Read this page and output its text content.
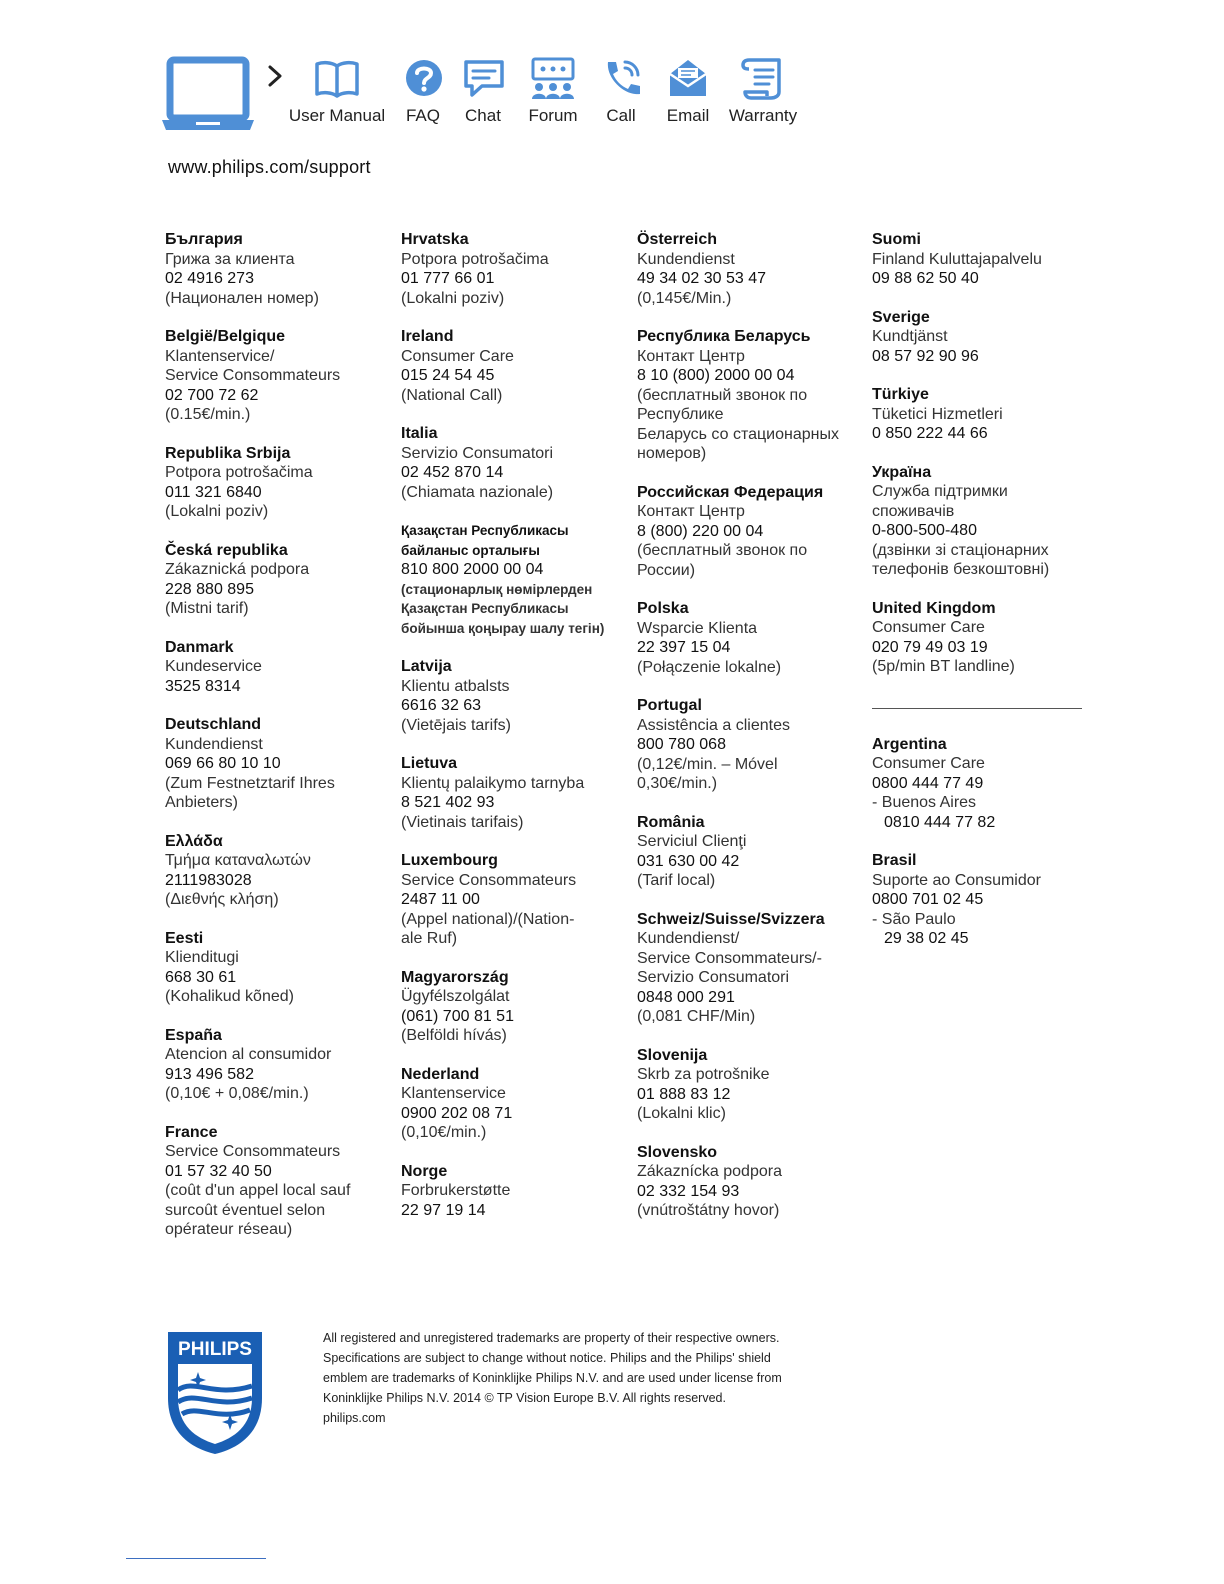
User Manual	FAQ	Chat Forum	Call	Email Warranty
www.philips.com/support
България
Грижа за клиента
02 4916 273
(Национален номер)
België/Belgique
Klantenservice/
Service Consommateurs
02 700 72 62
(0.15€/min.)
Republika Srbija
Potpora potrošačima
011 321 6840
(Lokalni poziv)
Česká republika
Zákaznická podpora
228 880 895
(Mistni tarif)
Danmark
Kundeservice
3525 8314
Deutschland
Kundendienst
069 66 80 10 10
(Zum Festnetztarif Ihres
Anbieters)
Ελλάδα
Τμήμα καταναλωτών
2111983028
(Διεθνής κλήση)
Eesti
Klienditugi
668 30 61
(Kohalikud kõned)
España
Atencion al consumidor
913 496 582
(0,10€ + 0,08€/min.)
France
Service Consommateurs
01 57 32 40 50
(coût d'un appel local sauf
surcoût éventuel selon
opérateur réseau)
Hrvatska
Potpora potrošačima
01 777 66 01
(Lokalni poziv)
Ireland
Consumer Care
015 24 54 45
(National Call)
Italia
Servizio Consumatori
02 452 870 14
(Chiamata nazionale)
Қазақстан Республикасы
байланыс орталығы
810 800 2000 00 04
(стационарлық нөмірлерден
Қазақстан Республикасы
бойынша қоңырау шалу тегін)
Latvija
Klientu atbalsts
6616 32 63
(Vietējais tarifs)
Lietuva
Klientų palaikymo tarnyba
8 521 402 93
(Vietinais tarifais)
Luxembourg
Service Consommateurs
2487 11 00
(Appel national)/(Nation-
ale Ruf)
Magyarország
Ügyfélszolgálat
(061) 700 81 51
(Belföldi hívás)
Nederland
Klantenservice
0900 202 08 71
(0,10€/min.)
Norge
Forbrukerstøtte
22 97 19 14
Österreich
Kundendienst
49 34 02 30 53 47
(0,145€/Min.)
Республика Беларусь
Контакт Центр
8 10 (800) 2000 00 04
(бесплатный звонок по
Республике
Беларусь со стационарных
номеров)
Российская Федерация
Контакт Центр
8 (800) 220 00 04
(бесплатный звонок по
России)
Polska
Wsparcie Klienta
22 397 15 04
(Połączenie lokalne)
Portugal
Assistência a clientes
800 780 068
(0,12€/min. – Móvel
0,30€/min.)
România
Serviciul Clienţi
031 630 00 42
(Tarif local)
Schweiz/Suisse/Svizzera
Kundendienst/
Service Consommateurs/-
Servizio Consumatori
0848 000 291
(0,081 CHF/Min)
Slovenija
Skrb za potrošnike
01 888 83 12
(Lokalni klic)
Slovensko
Zákaznícka podpora
02 332 154 93
(vnútroštátny hovor)
Suomi
Finland Kuluttajapalvelu
09 88 62 50 40
Sverige
Kundtjänst
08 57 92 90 96
Türkiye
Tüketici Hizmetleri
0 850 222 44 66
Україна
Служба підтримки
споживачів
0-800-500-480
(дзвінки зі стаціонарних
телефонів безкоштовні)
United Kingdom
Consumer Care
020 79 49 03 19
(5p/min BT landline)
Argentina
Consumer Care
0800 444 77 49
- Buenos Aires
0810 444 77 82
Brasil
Suporte ao Consumidor
0800 701 02 45
- São Paulo
29 38 02 45
PHILIPS
All registered and unregistered trademarks are property of their respective owners.
Specifications are subject to change without notice. Philips and the Philips' shield
emblem are trademarks of Koninklijke Philips N.V. and are used under license from
Koninklijke Philips N.V. 2014 © TP Vision Europe B.V. All rights reserved.
philips.com
